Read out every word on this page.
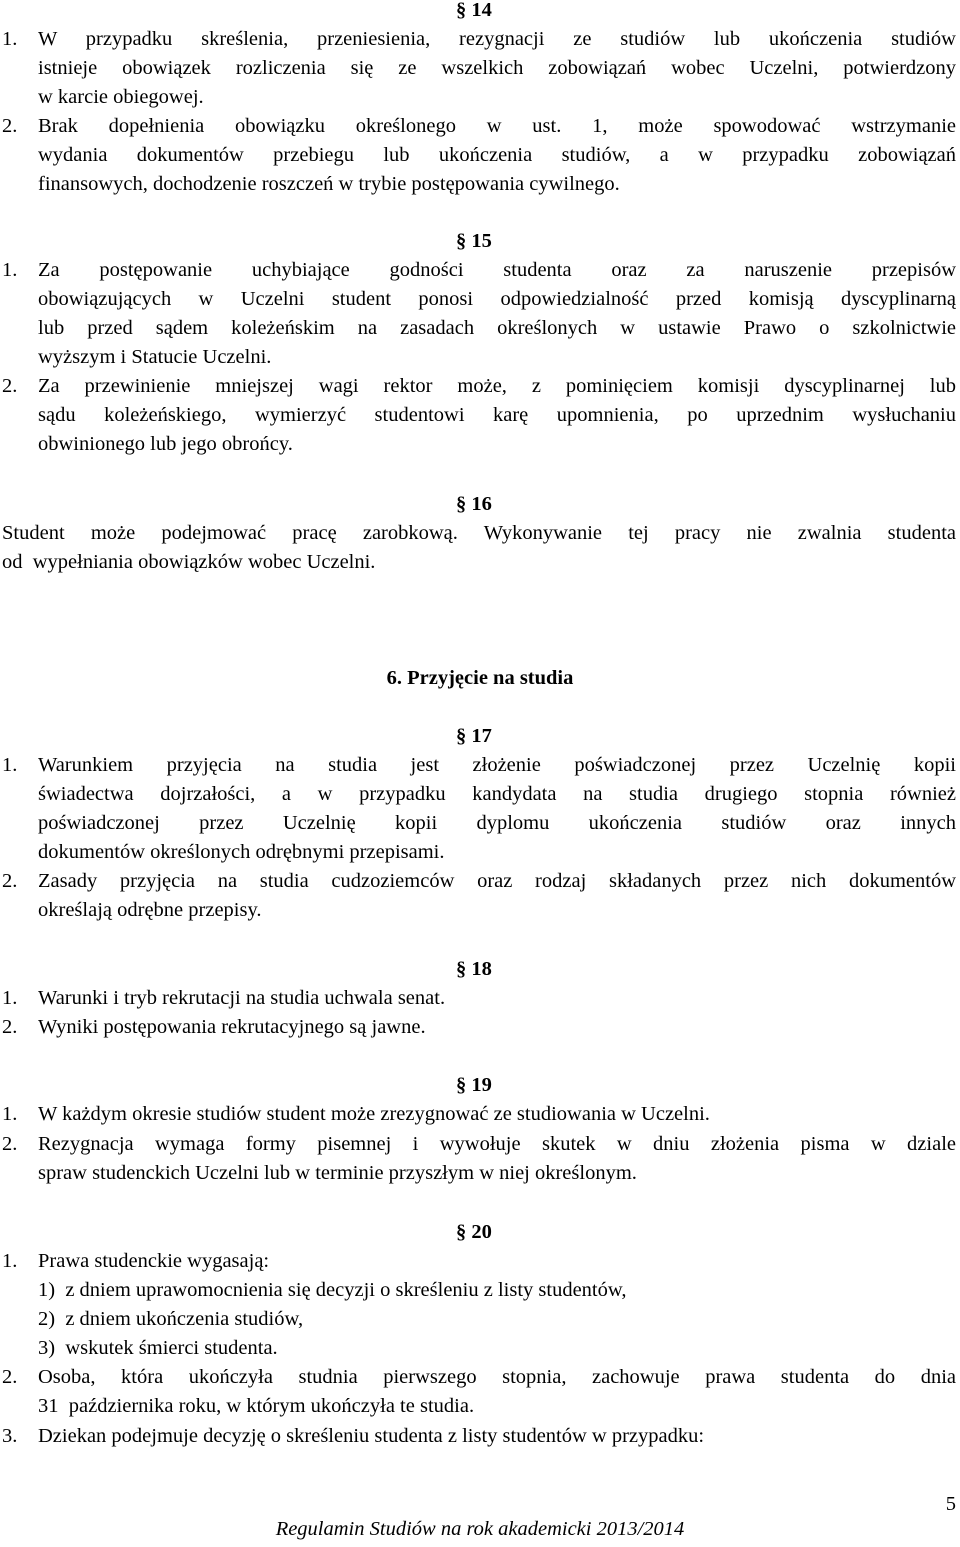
§ 14
1. W przypadku skreślenia, przeniesienia, rezygnacji ze studiów lub ukończenia studiów
istnieje obowiązek rozliczenia się ze wszelkich zobowiązań wobec Uczelni, potwierdzony
w karcie obiegowej.
2. Brak dopełnienia obowiązku określonego w ust. 1, może spowodować wstrzymanie
wydania dokumentów przebiegu lub ukończenia studiów, a w przypadku zobowiązań
finansowych, dochodzenie roszczeń w trybie postępowania cywilnego.
§ 15
1. Za postępowanie uchybiające godności studenta oraz za naruszenie przepisów
obowiązujących w Uczelni student ponosi odpowiedzialność przed komisją dyscyplinarną
lub przed sądem koleżeńskim na zasadach określonych w ustawie Prawo o szkolnictwie
wyższym i Statucie Uczelni.
2. Za przewinienie mniejszej wagi rektor może, z pominięciem komisji dyscyplinarnej lub
sądu koleżeńskiego, wymierzyć studentowi karę upomnienia, po uprzednim wysłuchaniu
obwinionego lub jego obrońcy.
§ 16
Student może podejmować pracę zarobkową. Wykonywanie tej pracy nie zwalnia studenta
od  wypełniania obowiązków wobec Uczelni.
6. Przyjęcie na studia
§ 17
1. Warunkiem przyjęcia na studia jest złożenie poświadczonej przez Uczelnię kopii
świadectwa dojrzałości, a w przypadku kandydata na studia drugiego stopnia również
poświadczonej przez Uczelnię kopii dyplomu ukończenia studiów oraz innych
dokumentów określonych odrębnymi przepisami.
2. Zasady przyjęcia na studia cudzoziemców oraz rodzaj składanych przez nich dokumentów
określają odrębne przepisy.
§ 18
1. Warunki i tryb rekrutacji na studia uchwala senat.
2. Wyniki postępowania rekrutacyjnego są jawne.
§ 19
1. W każdym okresie studiów student może zrezygnować ze studiowania w Uczelni.
2. Rezygnacja wymaga formy pisemnej i wywołuje skutek w dniu złożenia pisma w dziale
spraw studenckich Uczelni lub w terminie przyszłym w niej określonym.
§ 20
1. Prawa studenckie wygasają:
1)  z dniem uprawomocnienia się decyzji o skreśleniu z listy studentów,
2)  z dniem ukończenia studiów,
3)  wskutek śmierci studenta.
2. Osoba, która ukończyła studnia pierwszego stopnia, zachowuje prawa studenta do dnia
31  października roku, w którym ukończyła te studia.
3. Dziekan podejmuje decyzję o skreśleniu studenta z listy studentów w przypadku:
5
Regulamin Studiów na rok akademicki 2013/2014
